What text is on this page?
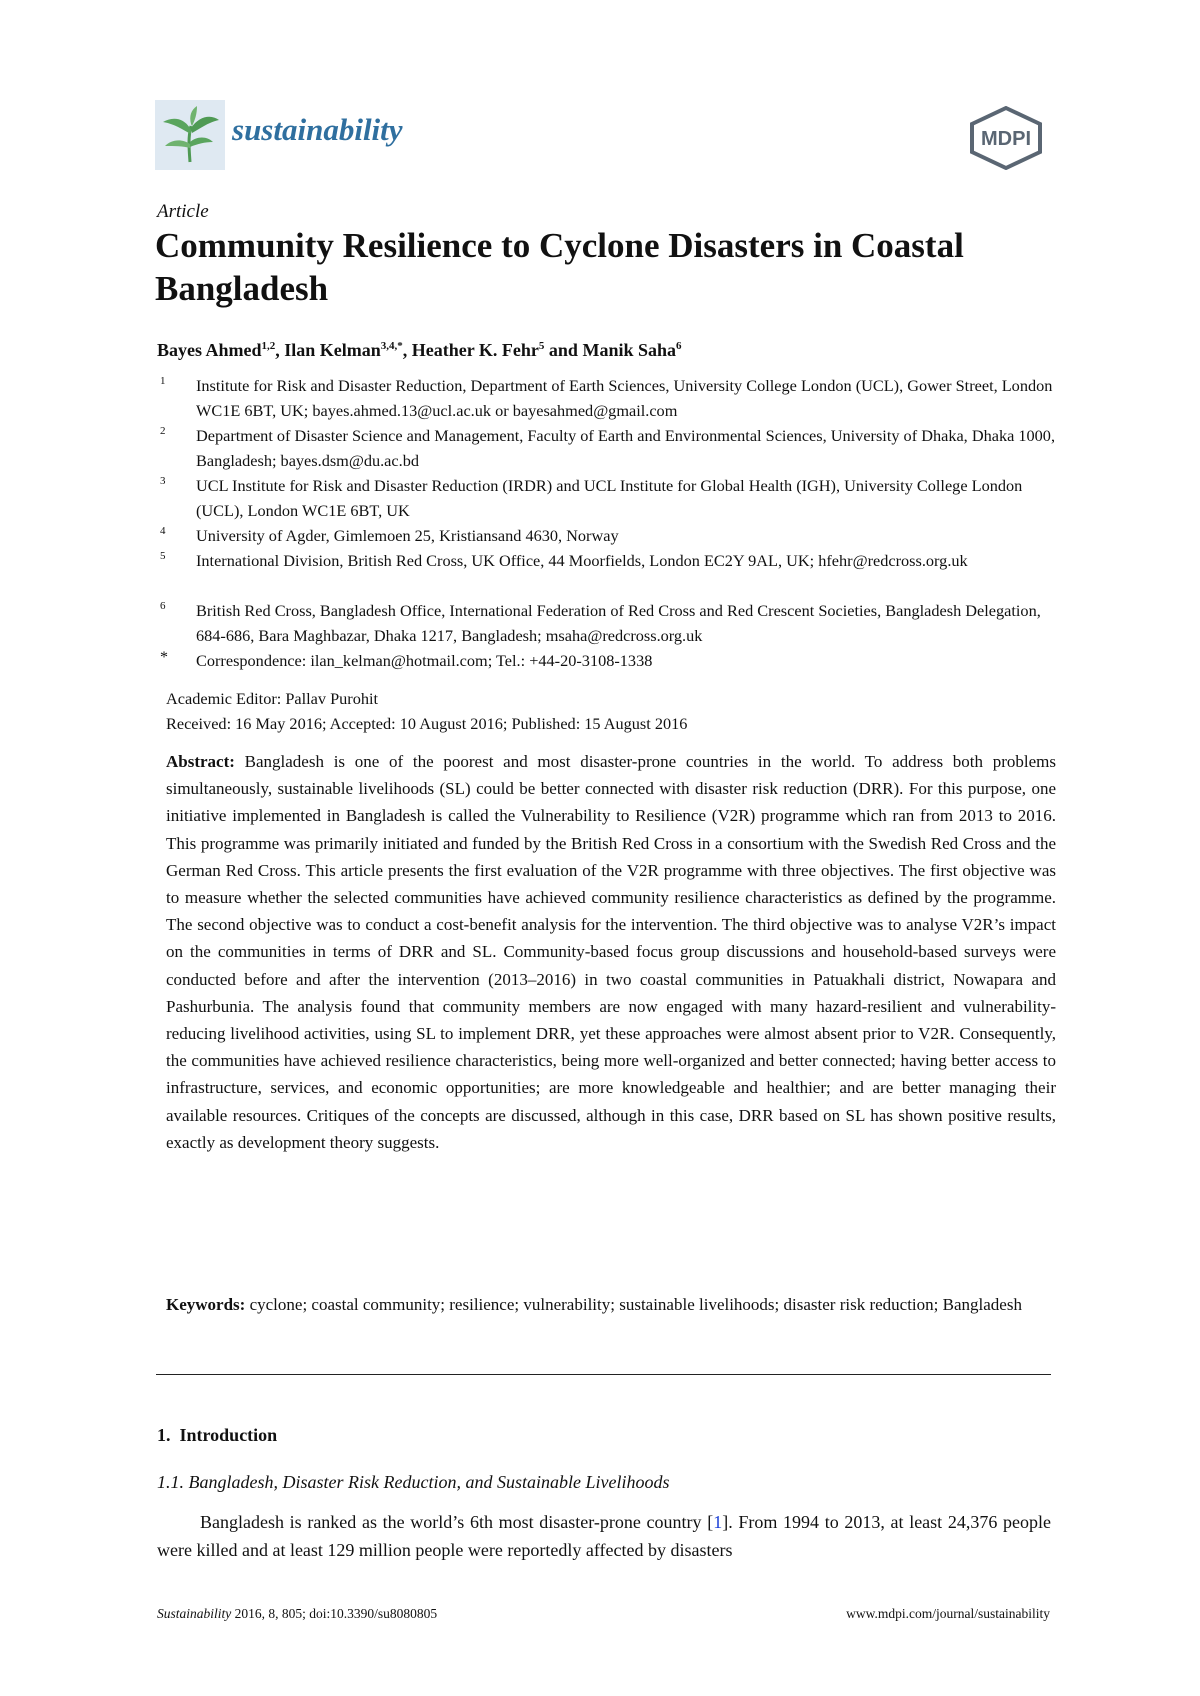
sustainability	MDPI
Article
Community Resilience to Cyclone Disasters in Coastal Bangladesh
Bayes Ahmed$^{1,2}$, Ilan Kelman$^{3,4,*}$, Heather K. Fehr$^5$ and Manik Saha$^6$
1	Institute for Risk and Disaster Reduction, Department of Earth Sciences, University College London (UCL), Gower Street, London WC1E 6BT, UK; bayes.ahmed.13@ucl.ac.uk or bayesahmed@gmail.com
2	Department of Disaster Science and Management, Faculty of Earth and Environmental Sciences, University of Dhaka, Dhaka 1000, Bangladesh; bayes.dsm@du.ac.bd
3	UCL Institute for Risk and Disaster Reduction (IRDR) and UCL Institute for Global Health (IGH), University College London (UCL), London WC1E 6BT, UK
4	University of Agder, Gimlemoen 25, Kristiansand 4630, Norway
5	International Division, British Red Cross, UK Office, 44 Moorfields, London EC2Y 9AL, UK; hfehr@redcross.org.uk
6	British Red Cross, Bangladesh Office, International Federation of Red Cross and Red Crescent Societies, Bangladesh Delegation, 684-686, Bara Maghbazar, Dhaka 1217, Bangladesh; msaha@redcross.org.uk
*	Correspondence: ilan_kelman@hotmail.com; Tel.: +44-20-3108-1338
Academic Editor: Pallav Purohit
Received: 16 May 2016; Accepted: 10 August 2016; Published: 15 August 2016
Abstract: Bangladesh is one of the poorest and most disaster-prone countries in the world. To address both problems simultaneously, sustainable livelihoods (SL) could be better connected with disaster risk reduction (DRR). For this purpose, one initiative implemented in Bangladesh is called the Vulnerability to Resilience (V2R) programme which ran from 2013 to 2016. This programme was primarily initiated and funded by the British Red Cross in a consortium with the Swedish Red Cross and the German Red Cross. This article presents the first evaluation of the V2R programme with three objectives. The first objective was to measure whether the selected communities have achieved community resilience characteristics as defined by the programme. The second objective was to conduct a cost-benefit analysis for the intervention. The third objective was to analyse V2R’s impact on the communities in terms of DRR and SL. Community-based focus group discussions and household-based surveys were conducted before and after the intervention (2013–2016) in two coastal communities in Patuakhali district, Nowapara and Pashurbunia. The analysis found that community members are now engaged with many hazard-resilient and vulnerability-reducing livelihood activities, using SL to implement DRR, yet these approaches were almost absent prior to V2R. Consequently, the communities have achieved resilience characteristics, being more well-organized and better connected; having better access to infrastructure, services, and economic opportunities; are more knowledgeable and healthier; and are better managing their available resources. Critiques of the concepts are discussed, although in this case, DRR based on SL has shown positive results, exactly as development theory suggests.
Keywords: cyclone; coastal community; resilience; vulnerability; sustainable livelihoods; disaster risk reduction; Bangladesh
1. Introduction
1.1. Bangladesh, Disaster Risk Reduction, and Sustainable Livelihoods
Bangladesh is ranked as the world’s 6th most disaster-prone country [1]. From 1994 to 2013, at least 24,376 people were killed and at least 129 million people were reportedly affected by disasters
Sustainability 2016, 8, 805; doi:10.3390/su8080805	www.mdpi.com/journal/sustainability
